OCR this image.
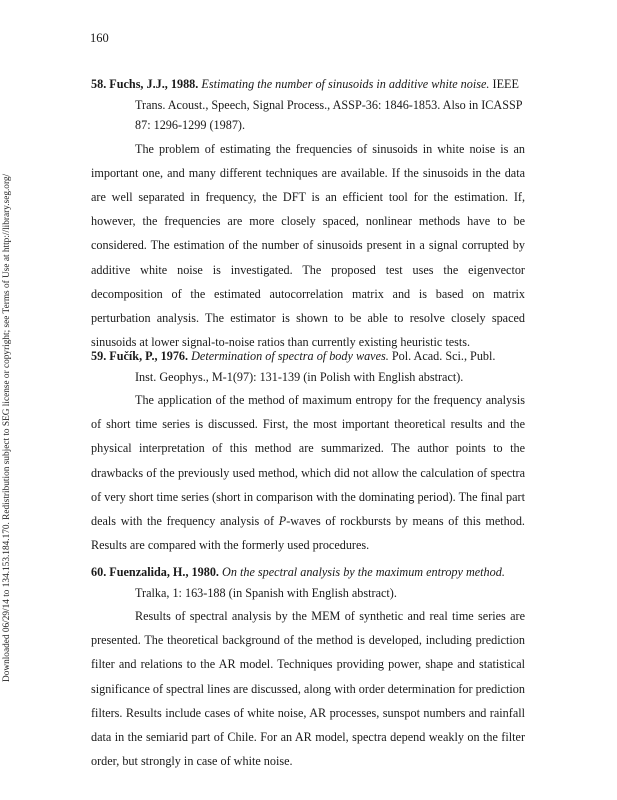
160
Downloaded 06/29/14 to 134.153.184.170. Redistribution subject to SEG license or copyright; see Terms of Use at http://library.seg.org/

58. Fuchs, J.J., 1988. Estimating the number of sinusoids in additive white noise. IEEE
Trans. Acoust., Speech, Signal Process., ASSP-36: 1846-1853. Also in ICASSP 87: 1296-1299 (1987).

The problem of estimating the frequencies of sinusoids in white noise is an important one, and many different techniques are available. If the sinusoids in the data are well separated in frequency, the DFT is an efficient tool for the estimation. If, however, the frequencies are more closely spaced, nonlinear methods have to be considered. The estimation of the number of sinusoids present in a signal corrupted by additive white noise is investigated. The proposed test uses the eigenvector decomposition of the estimated autocorrelation matrix and is based on matrix perturbation analysis. The estimator is shown to be able to resolve closely spaced sinusoids at lower signal-to-noise ratios than currently existing heuristic tests.

59. Fučík, P., 1976. Determination of spectra of body waves. Pol. Acad. Sci., Publ.
Inst. Geophys., M-1(97): 131-139 (in Polish with English abstract).

The application of the method of maximum entropy for the frequency analysis of short time series is discussed. First, the most important theoretical results and the physical interpretation of this method are summarized. The author points to the drawbacks of the previously used method, which did not allow the calculation of spectra of very short time series (short in comparison with the dominating period). The final part deals with the frequency analysis of P-waves of rockbursts by means of this method. Results are compared with the formerly used procedures.

60. Fuenzalida, H., 1980. On the spectral analysis by the maximum entropy method.
Tralka, 1: 163-188 (in Spanish with English abstract).

Results of spectral analysis by the MEM of synthetic and real time series are presented. The theoretical background of the method is developed, including prediction filter and relations to the AR model. Techniques providing power, shape and statistical significance of spectral lines are discussed, along with order determination for prediction filters. Results include cases of white noise, AR processes, sunspot numbers and rainfall data in the semiarid part of Chile. For an AR model, spectra depend weakly on the filter order, but strongly in case of white noise.
